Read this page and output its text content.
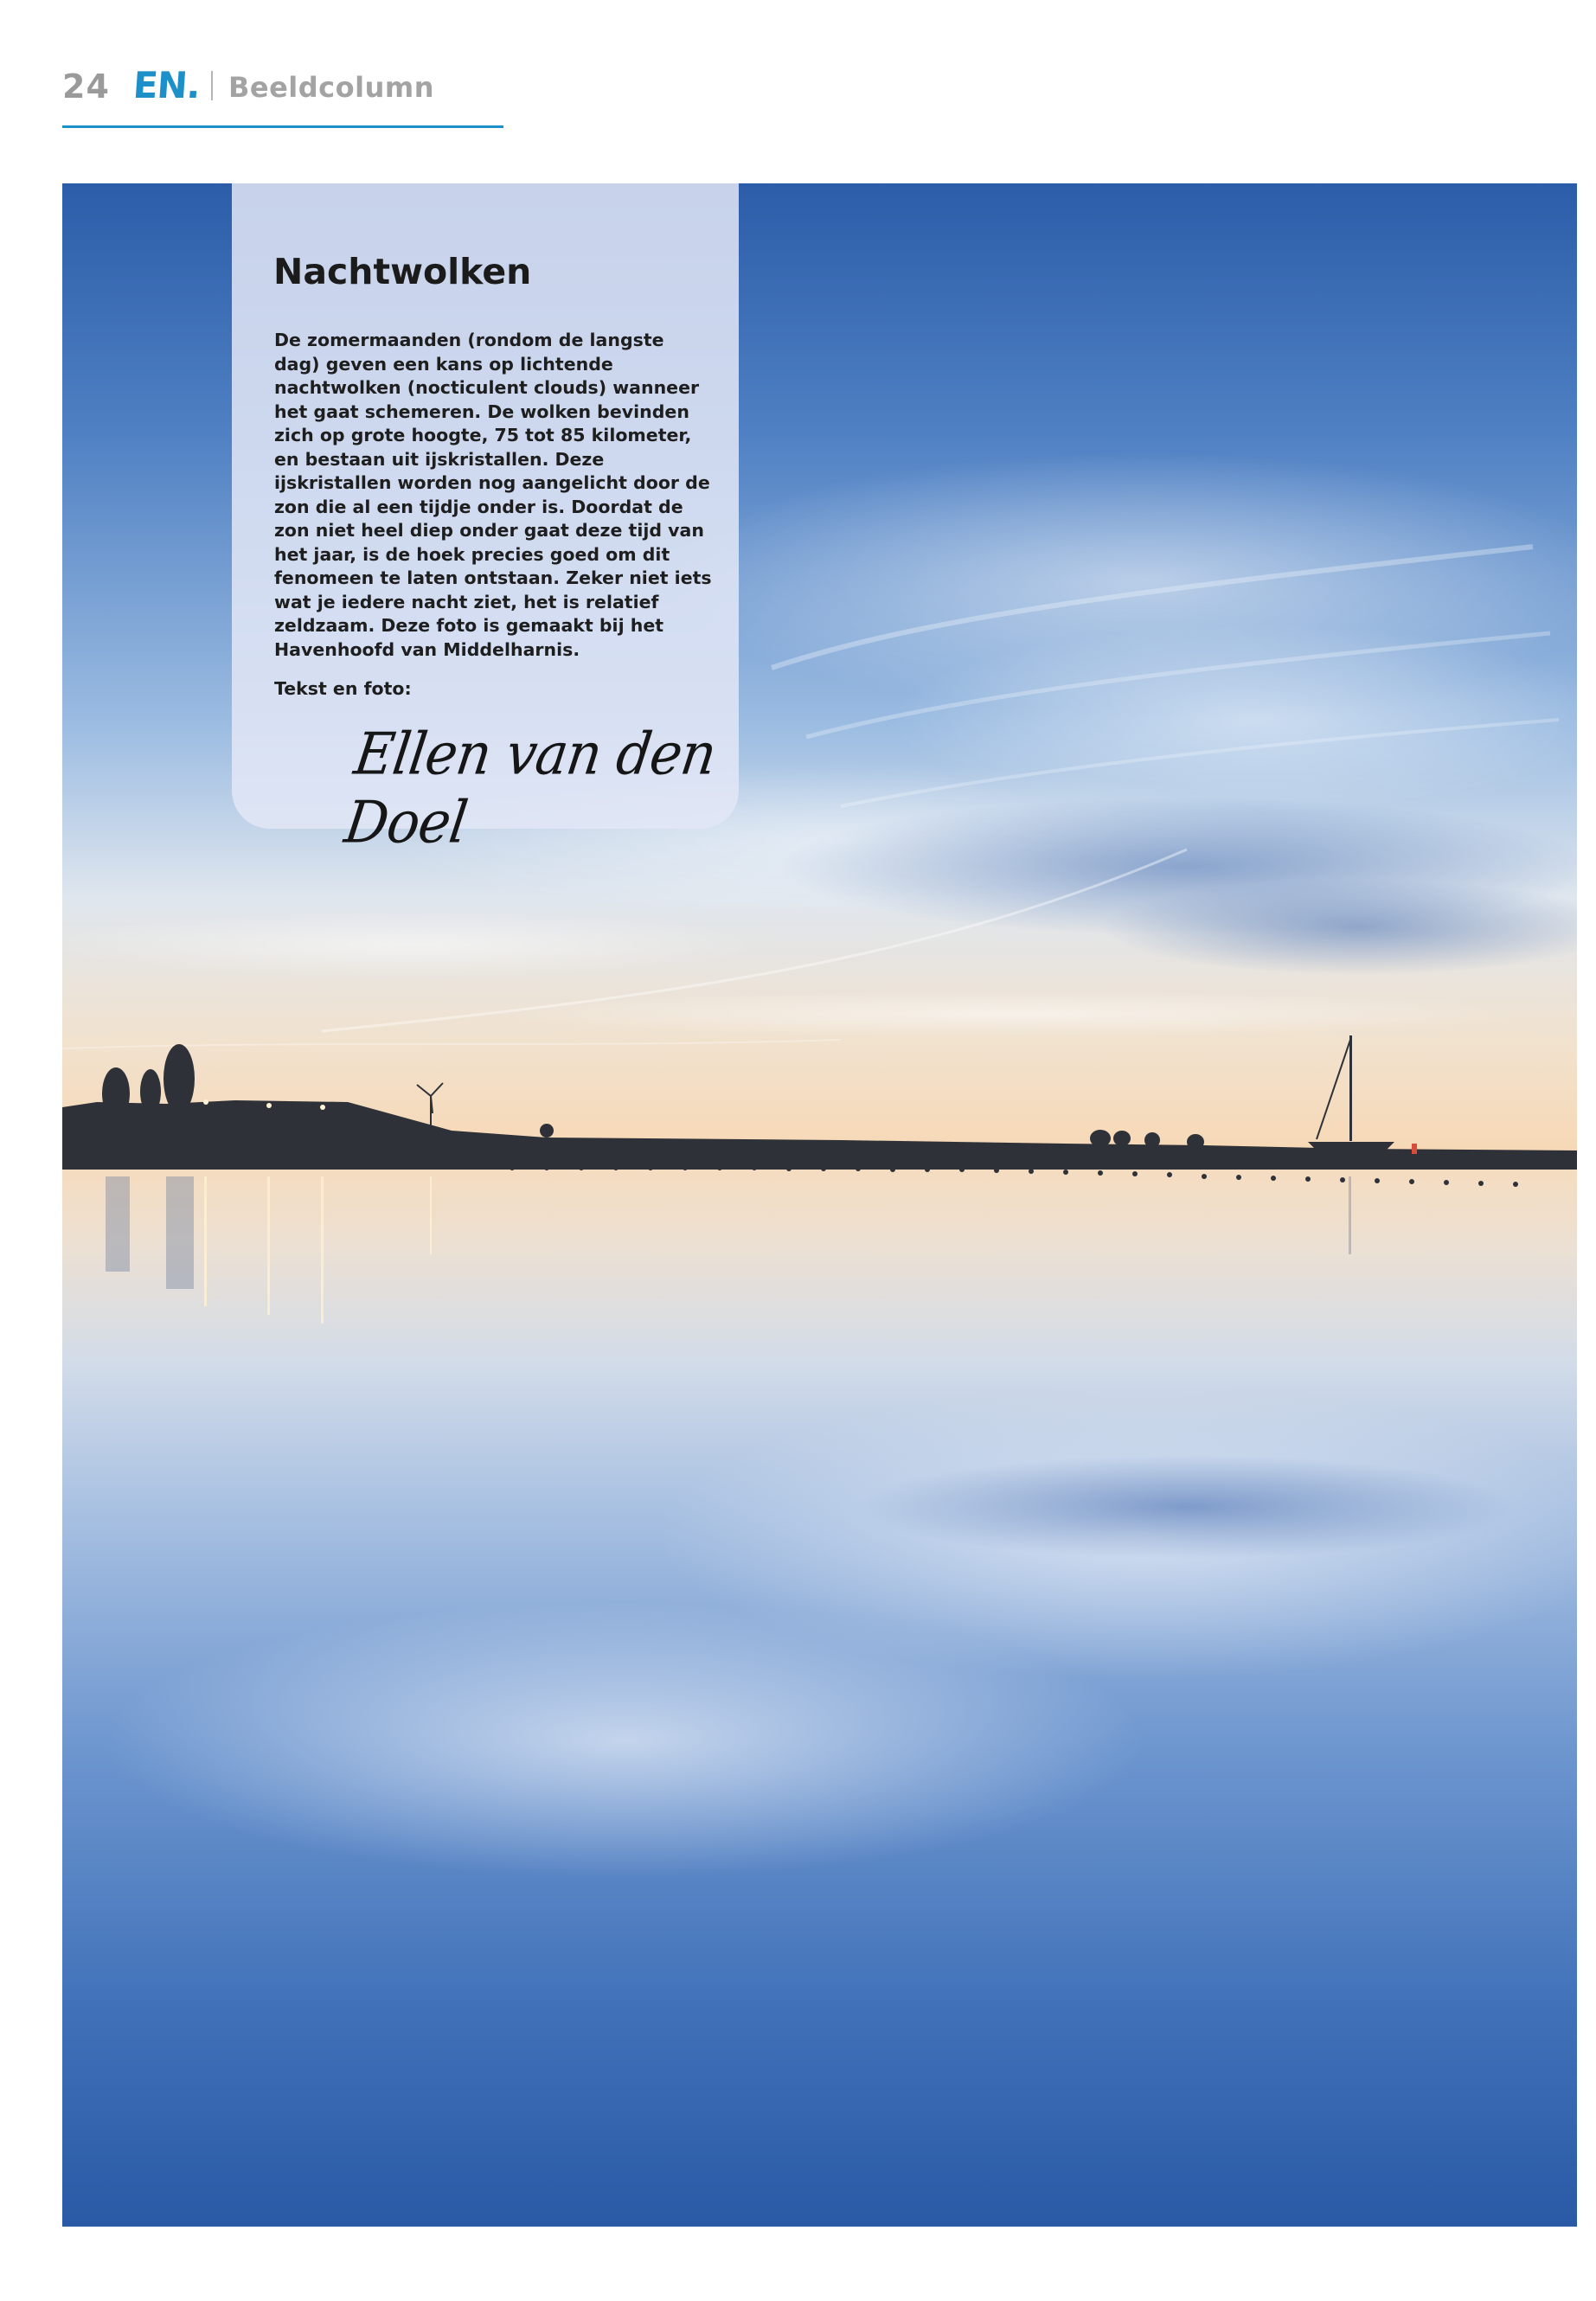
24 EN. Beeldcolumn
Nachtwolken

De zomermaanden (rondom de langste dag) geven een kans op lichtende nachtwolken (nocticulent clouds) wanneer het gaat schemeren. De wolken bevinden zich op grote hoogte, 75 tot 85 kilometer, en bestaan uit ijskristallen. Deze ijskristallen worden nog aangelicht door de zon die al een tijdje onder is. Doordat de zon niet heel diep onder gaat deze tijd van het jaar, is de hoek precies goed om dit fenomeen te laten ontstaan. Zeker niet iets wat je iedere nacht ziet, het is relatief zeldzaam. Deze foto is gemaakt bij het Havenhoofd van Middelharnis.

Tekst en foto:

Ellen van den Doel
